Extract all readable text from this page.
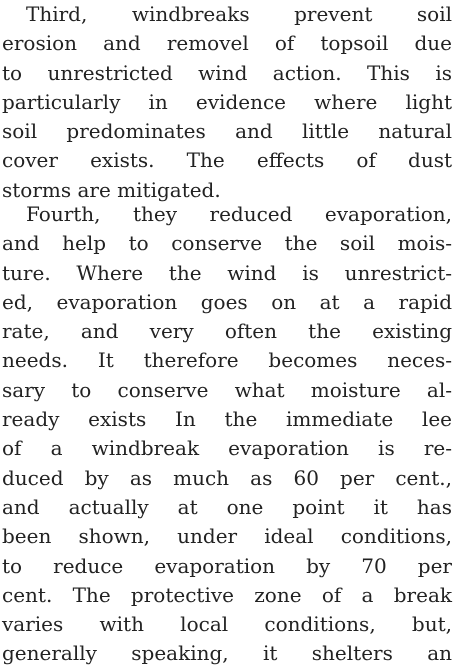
Third, windbreaks prevent soil
erosion and removel of topsoil due
to unrestricted wind action. This is
particularly in evidence where light
soil predominates and little natural
cover exists. The effects of dust
storms are mitigated.
Fourth, they reduced evaporation,
and help to conserve the soil mois-
ture. Where the wind is unrestrict-
ed, evaporation goes on at a rapid
rate, and very often the existing
needs. It therefore becomes neces-
sary to conserve what moisture al-
ready exists In the immediate lee
of a windbreak evaporation is re-
duced by as much as 60 per cent.,
and actually at one point it has
been shown, under ideal conditions,
to reduce evaporation by 70 per
cent. The protective zone of a break
varies with local conditions, but,
generally speaking, it shelters an
